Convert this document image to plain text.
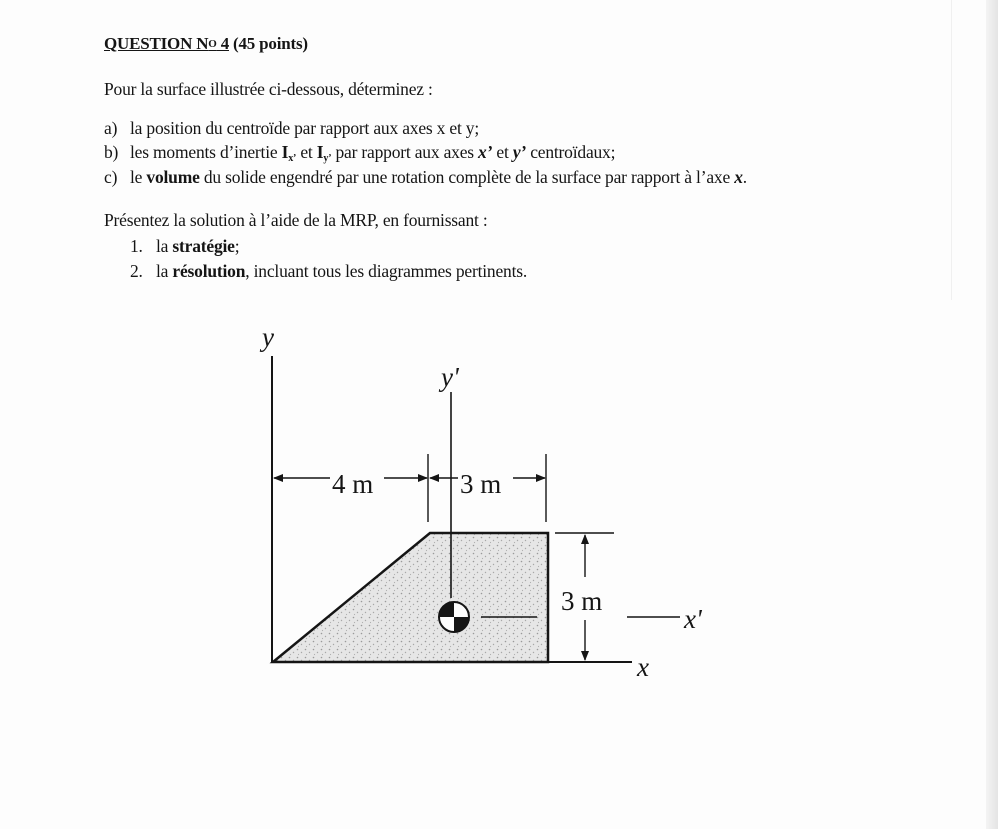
QUESTION $N^O$ 4 (45 points)
Pour la surface illustrée ci-dessous, déterminez :
a) la position du centroïde par rapport aux axes x et y;
b) les moments d’inertie Ix’ et Iy’ par rapport aux axes x’ et y’ centroïdaux;
c) le volume du solide engendré par une rotation complète de la surface par rapport à l’axe x.
Présentez la solution à l’aide de la MRP, en fournissant :
1. la stratégie;
2. la résolution, incluant tous les diagrammes pertinents.
y
y'
x
x'
4 m	3 m
3 m
